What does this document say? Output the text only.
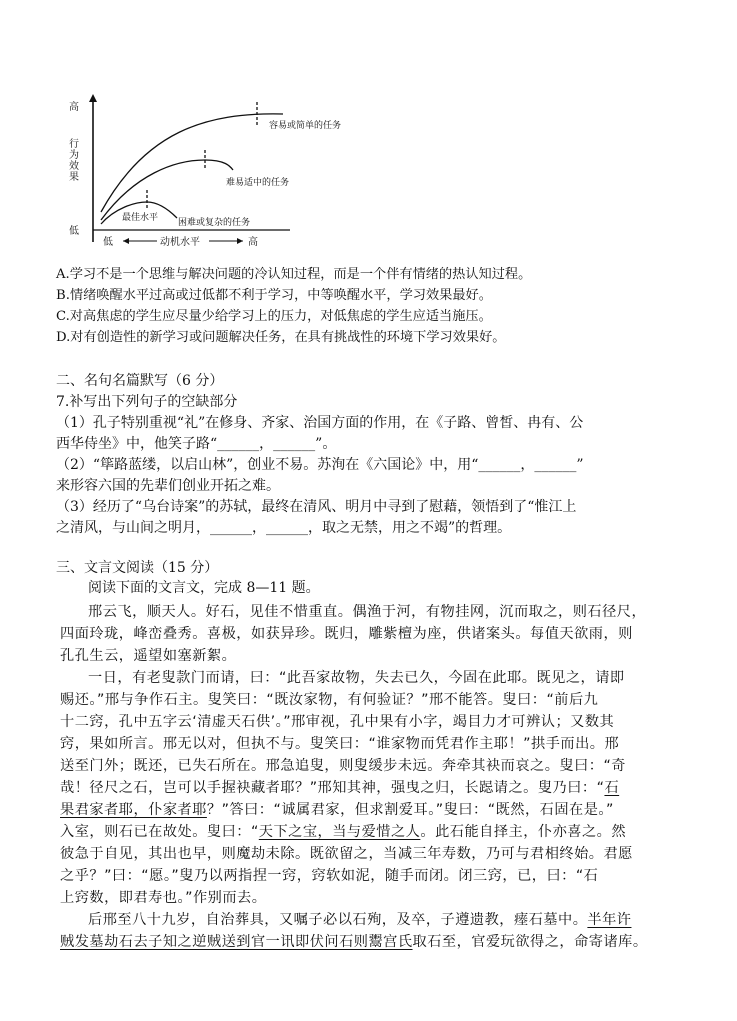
高
行为效果
低
容易或简单的任务
难易适中的任务
最佳水平 困难或复杂的任务
低	动机水平	高
A.学习不是一个思维与解决问题的冷认知过程，而是一个伴有情绪的热认知过程。
B.情绪唤醒水平过高或过低都不利于学习，中等唤醒水平，学习效果最好。
C.对高焦虑的学生应尽量少给学习上的压力，对低焦虑的学生应适当施压。
D.对有创造性的新学习或问题解决任务，在具有挑战性的环境下学习效果好。
二、名句名篇默写（6 分）
7.补写出下列句子的空缺部分
（1）孔子特别重视“礼”在修身、齐家、治国方面的作用，在《子路、曾皙、冉有、公
西华侍坐》中，他笑子路“______，______”。
（2）“筚路蓝缕，以启山林”，创业不易。苏洵在《六国论》中，用“______，______”
来形容六国的先辈们创业开拓之难。
（3）经历了“乌台诗案”的苏轼，最终在清风、明月中寻到了慰藉，领悟到了“惟江上
之清风，与山间之明月，______，______，取之无禁，用之不竭”的哲理。
三、文言文阅读（15 分）
阅读下面的文言文，完成 8—11 题。
邢云飞，顺天人。好石，见佳不惜重直。偶渔于河，有物挂网，沉而取之，则石径尺，
四面玲珑，峰峦叠秀。喜极，如获异珍。既归，雕紫檀为座，供诸案头。每值天欲雨，则
孔孔生云，遥望如塞新絮。
一日，有老叟款门而请，曰：“此吾家故物，失去已久，今固在此耶。既见之，请即
赐还。”邢与争作石主。叟笑曰：“既汝家物，有何验证？”邢不能答。叟曰：“前后九
十二窍，孔中五字云‘清虚天石供’。”邢审视，孔中果有小字，竭目力才可辨认；又数其
窍，果如所言。邢无以对，但执不与。叟笑曰：“谁家物而凭君作主耶！”拱手而出。邢
送至门外；既还，已失石所在。邢急追叟，则叟缓步未远。奔牵其袂而哀之。叟曰：“奇
哉！径尺之石，岂可以手握袂藏者耶？”邢知其神，强曳之归，长跽请之。叟乃曰：“石
果君家者耶，仆家者耶？”答曰：“诚属君家，但求割爱耳。”叟曰：“既然，石固在是。”
入室，则石已在故处。叟曰：“天下之宝，当与爱惜之人。此石能自择主，仆亦喜之。然
彼急于自见，其出也早，则魔劫未除。既欲留之，当减三年寿数，乃可与君相终始。君愿
之乎？”曰：“愿。”叟乃以两指捏一窍，窍软如泥，随手而闭。闭三窍，已，曰：“石
上窍数，即君寿也。”作别而去。
后邢至八十九岁，自治葬具，又嘱子必以石殉，及卒，子遵遗教，瘗石墓中。半年许
贼发墓劫石去子知之逆贼送到官一讯即伏问石则鬻宫氏取石至，官爱玩欲得之，命寄诸库。
